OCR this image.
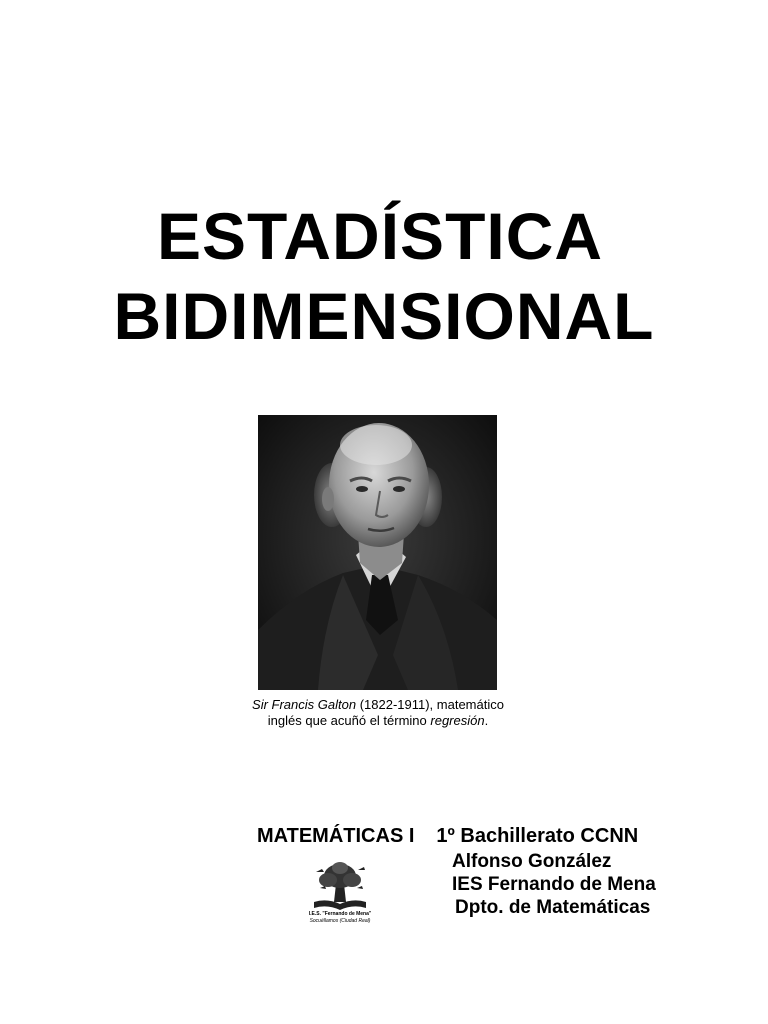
ESTADÍSTICA
BIDIMENSIONAL
Sir Francis Galton (1822-1911), matemático
inglés que acuñó el término regresión.
MATEMÁTICAS I 1º Bachillerato CCNN
Alfonso González
IES Fernando de Mena
Dpto. de Matemáticas
I.E.S. "Fernando de Mena"
Socuéllamos (Ciudad Real)
